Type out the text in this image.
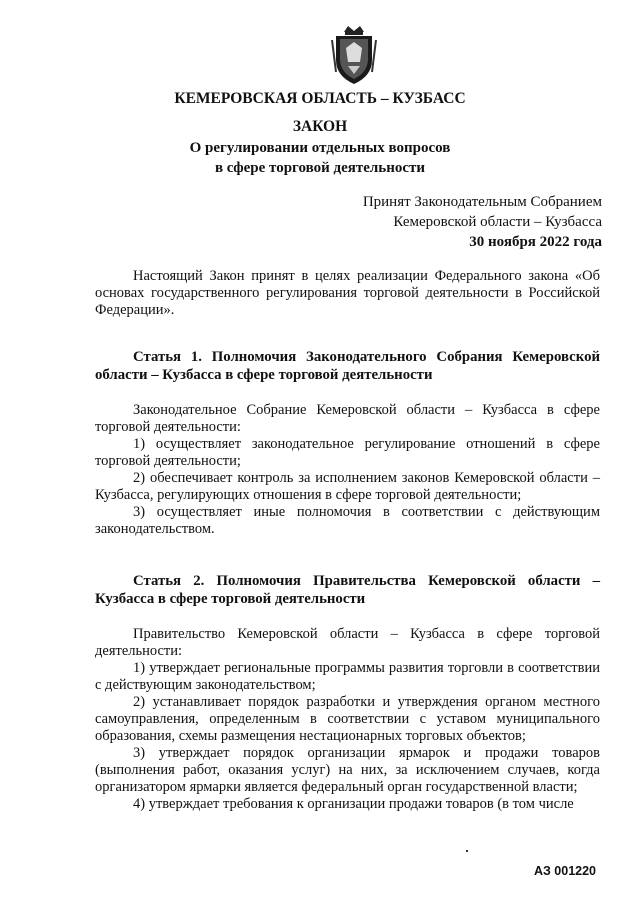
КЕМЕРОВСКАЯ ОБЛАСТЬ – КУЗБАСС
ЗАКОН
О регулировании отдельных вопросов
в сфере торговой деятельности
Принят Законодательным Собранием
Кемеровской области – Кузбасса
30 ноября 2022 года

Настоящий Закон принят в целях реализации Федерального закона «Об основах государственного регулирования торговой деятельности в Российской Федерации».

Статья 1. Полномочия Законодательного Собрания Кемеровской области – Кузбасса в сфере торговой деятельности

Законодательное Собрание Кемеровской области – Кузбасса в сфере торговой деятельности:

1) осуществляет законодательное регулирование отношений в сфере торговой деятельности;

2) обеспечивает контроль за исполнением законов Кемеровской области – Кузбасса, регулирующих отношения в сфере торговой деятельности;

3) осуществляет иные полномочия в соответствии с действующим законодательством.

Статья 2. Полномочия Правительства Кемеровской области – Кузбасса в сфере торговой деятельности

Правительство Кемеровской области – Кузбасса в сфере торговой деятельности:

1) утверждает региональные программы развития торговли в соответствии с действующим законодательством;

2) устанавливает порядок разработки и утверждения органом местного самоуправления, определенным в соответствии с уставом муниципального образования, схемы размещения нестационарных торговых объектов;

3) утверждает порядок организации ярмарок и продажи товаров (выполнения работ, оказания услуг) на них, за исключением случаев, когда организатором ярмарки является федеральный орган государственной власти;

4) утверждает требования к организации продажи товаров (в том числе

АЗ 001220
